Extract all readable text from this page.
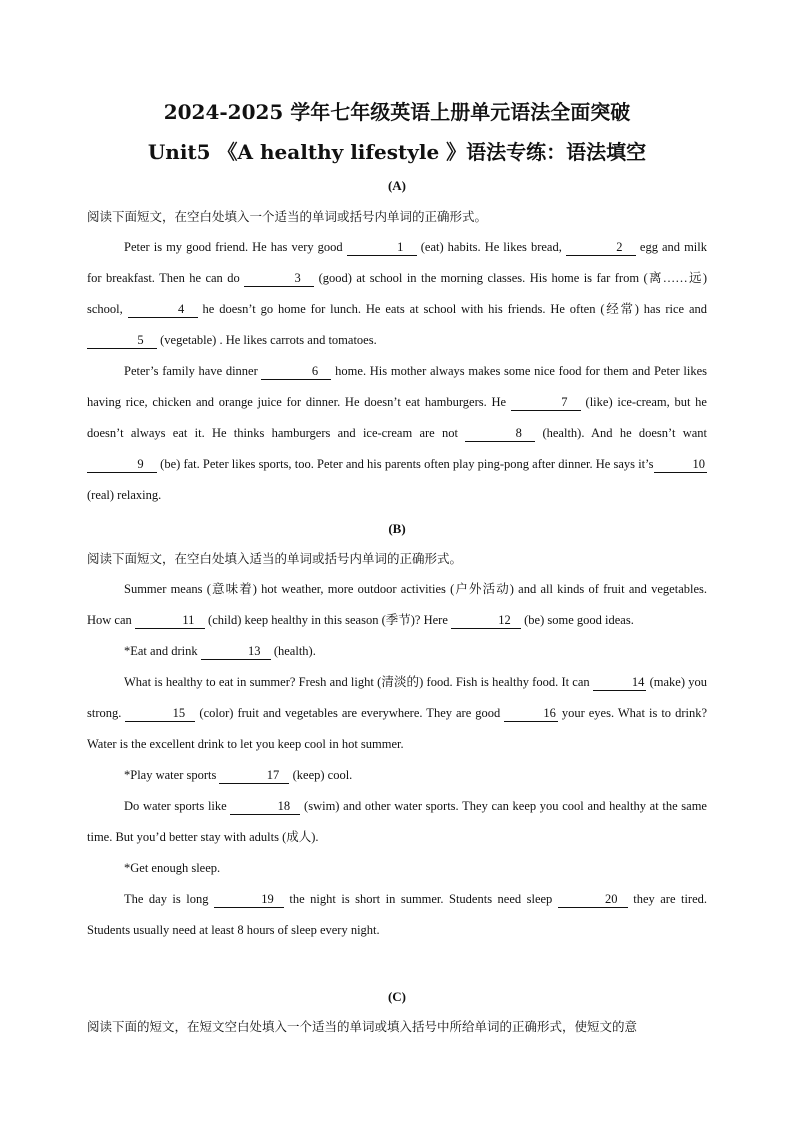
2024-2025 学年七年级英语上册单元语法全面突破
Unit5 《A healthy lifestyle 》语法专练：语法填空
(A)

阅读下面短文，在空白处填入一个适当的单词或括号内单词的正确形式。

Peter is my good friend. He has very good	1 (eat) habits. He likes bread,	2 egg and milk for breakfast. Then he can do	3 (good) at school in the morning classes. His home is far from (离……远) school,	4 he doesn’t go home for lunch. He eats at school with his friends. He often (经常) has rice and 5 (vegetable) . He likes carrots and tomatoes.

Peter’s family have dinner	6 home. His mother always makes some nice food for them and Peter likes having rice, chicken and orange juice for dinner. He doesn’t eat hamburgers. He	7 (like) ice-cream, but he doesn’t always eat it. He thinks hamburgers and ice-cream are not	8 (health). And he doesn’t want 9 (be) fat. Peter likes sports, too. Peter and his parents often play ping-pong after dinner. He says it’s	10 (real) relaxing.

(B)

阅读下面短文，在空白处填入适当的单词或括号内单词的正确形式。

Summer means (意味着) hot weather, more outdoor activities (户外活动) and all kinds of fruit and vegetables. How can	11 (child) keep healthy in this season (季节)? Here	12 (be) some good ideas.

*Eat and drink	13 (health).

What is healthy to eat in summer? Fresh and light (清淡的) food. Fish is healthy food. It can	14 (make) you strong.	15 (color) fruit and vegetables are everywhere. They are good	16 your eyes. What is to drink? Water is the excellent drink to let you keep cool in hot summer.

*Play water sports	17 (keep) cool.

Do water sports like	18 (swim) and other water sports. They can keep you cool and healthy at the same time. But you’d better stay with adults (成人).

*Get enough sleep.

The day is long	19 the night is short in summer. Students need sleep	20 they are tired. Students usually need at least 8 hours of sleep every night.

(C)

阅读下面的短文，在短文空白处填入一个适当的单词或填入括号中所给单词的正确形式，使短文的意
